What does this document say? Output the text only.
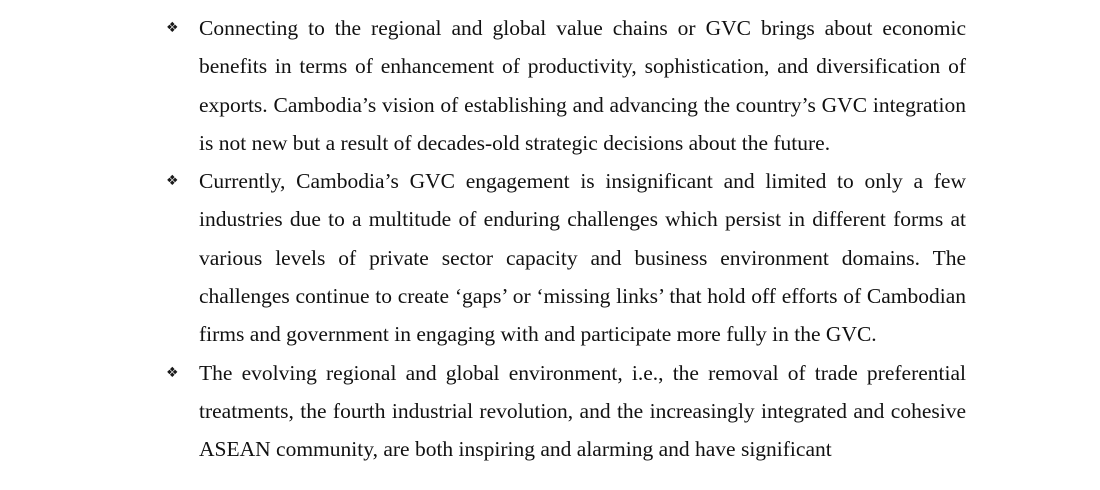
❖ Connecting to the regional and global value chains or GVC brings about economic benefits in terms of enhancement of productivity, sophistication, and diversification of exports. Cambodia’s vision of establishing and advancing the country’s GVC integration is not new but a result of decades-old strategic decisions about the future.

❖ Currently, Cambodia’s GVC engagement is insignificant and limited to only a few industries due to a multitude of enduring challenges which persist in different forms at various levels of private sector capacity and business environment domains. The challenges continue to create ‘gaps’ or ‘missing links’ that hold off efforts of Cambodian firms and government in engaging with and participate more fully in the GVC.

❖ The evolving regional and global environment, i.e., the removal of trade preferential treatments, the fourth industrial revolution, and the increasingly integrated and cohesive ASEAN community, are both inspiring and alarming and have significant
